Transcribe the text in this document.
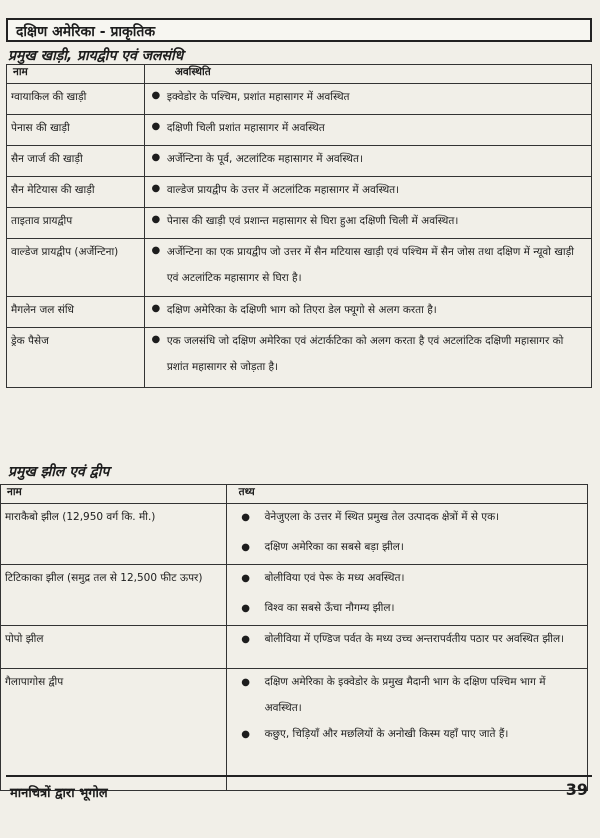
दक्षिण अमेरिका - प्राकृतिक
प्रमुख खाड़ी, प्रायद्वीप एवं जलसंधि
नाम	अवस्थिति
ग्वायाकिल की खाड़ी	● इक्वेडोर के पश्चिम, प्रशांत महासागर में अवस्थित

पेनास की खाड़ी	● दक्षिणी चिली प्रशांत महासागर में अवस्थित

सैन जार्ज की खाड़ी	● अर्जेन्टिना के पूर्व, अटलांटिक महासागर में अवस्थित।

सैन मेटियास की खाड़ी	● वाल्डेज प्रायद्वीप के उत्तर में अटलांटिक महासागर में अवस्थित।

ताइताव प्रायद्वीप	● पेनास की खाड़ी एवं प्रशान्त महासागर से घिरा हुआ दक्षिणी चिली में अवस्थित।

वाल्डेज प्रायद्वीप (अर्जेन्टिना)	● अर्जेन्टिना का एक प्रायद्वीप जो उत्तर में सैन मटियास खाड़ी एवं पश्चिम में सैन जोस तथा दक्षिण में न्यूवो खाड़ी एवं अटलांटिक महासागर से घिरा है।

मैगलेन जल संधि	● दक्षिण अमेरिका के दक्षिणी भाग को तिएरा डेल फ्यूगो से अलग करता है।

ड्रेक पैसेज	● एक जलसंधि जो दक्षिण अमेरिका एवं अंटार्कटिका को अलग करता है एवं अटलांटिक दक्षिणी महासागर को प्रशांत महासागर से जोड़ता है।
प्रमुख झील एवं द्वीप
नाम	तथ्य
माराकैबो झील (12,950 वर्ग कि. मी.)	● वेनेजुएला के उत्तर में स्थित प्रमुख तेल उत्पादक क्षेत्रों में से एक।
● दक्षिण अमेरिका का सबसे बड़ा झील।

टिटिकाका झील (समुद्र तल से 12,500 फीट ऊपर)	● बोलीविया एवं पेरू के मध्य अवस्थित।
● विश्व का सबसे ऊँचा नौगम्य झील।

पोपो झील	● बोलीविया में एण्डिज पर्वत के मध्य उच्च अन्तरापर्वतीय पठार पर अवस्थित झील।

गैलापागोस द्वीप	● दक्षिण अमेरिका के इक्वेडोर के प्रमुख मैदानी भाग के दक्षिण पश्चिम भाग में अवस्थित।
● कछुए, चिड़ियाँ और मछलियों के अनोखी किस्म यहाँ पाए जाते हैं।
मानचित्रों द्वारा भूगोल	39
